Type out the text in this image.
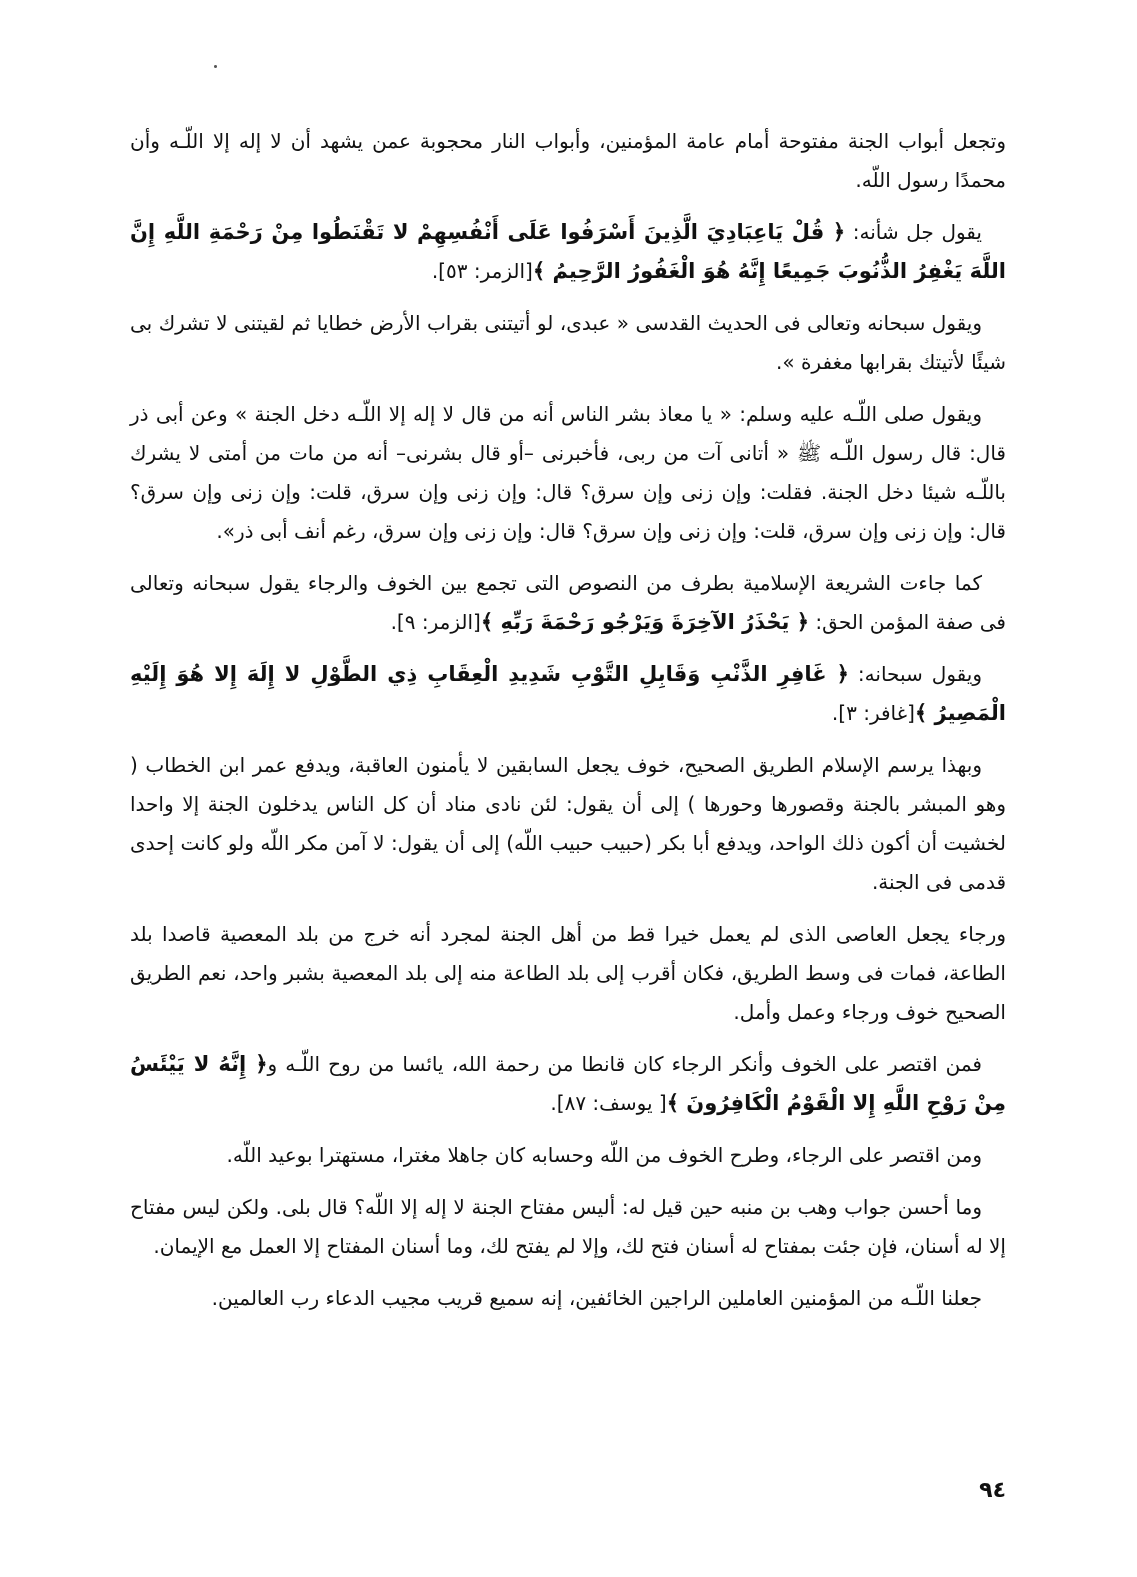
وتجعل أبواب الجنة مفتوحة أمام عامة المؤمنين، وأبواب النار محجوبة عمن يشهد أن لا إله إلا اللّـه وأن محمدًا رسول اللّه.

يقول جل شأنه: ﴿ قُلْ يَاعِبَادِيَ الَّذِينَ أَسْرَفُوا عَلَى أَنْفُسِهِمْ لا تَقْنَطُوا مِنْ رَحْمَةِ اللَّهِ إِنَّ اللَّهَ يَغْفِرُ الذُّنُوبَ جَمِيعًا إِنَّهُ هُوَ الْغَفُورُ الرَّحِيمُ ﴾[الزمر: ٥٣].

ويقول سبحانه وتعالى فى الحديث القدسى « عبدى، لو أتيتنى بقراب الأرض خطايا ثم لقيتنى لا تشرك بى شيئًا لأتيتك بقرابها مغفرة ».

ويقول صلى اللّـه عليه وسلم: « يا معاذ بشر الناس أنه من قال لا إله إلا اللّـه دخل الجنة » وعن أبى ذر قال: قال رسول اللّـه ﷺ « أتانى آت من ربى، فأخبرنى –أو قال بشرنى– أنه من مات من أمتى لا يشرك باللّـه شيئا دخل الجنة. فقلت: وإن زنى وإن سرق؟ قال: وإن زنى وإن سرق، قلت: وإن زنى وإن سرق؟ قال: وإن زنى وإن سرق، قلت: وإن زنى وإن سرق؟ قال: وإن زنى وإن سرق، رغم أنف أبى ذر».

كما جاءت الشريعة الإسلامية بطرف من النصوص التى تجمع بين الخوف والرجاء يقول سبحانه وتعالى فى صفة المؤمن الحق: ﴿ يَحْذَرُ الآخِرَةَ وَيَرْجُو رَحْمَةَ رَبِّهِ ﴾[الزمر: ٩].

ويقول سبحانه: ﴿ غَافِرِ الذَّنْبِ وَقَابِلِ التَّوْبِ شَدِيدِ الْعِقَابِ ذِي الطَّوْلِ لا إِلَهَ إِلا هُوَ إِلَيْهِ الْمَصِيرُ ﴾[غافر: ٣].

وبهذا يرسم الإسلام الطريق الصحيح، خوف يجعل السابقين لا يأمنون العاقبة، ويدفع عمر ابن الخطاب ( وهو المبشر بالجنة وقصورها وحورها ) إلى أن يقول: لئن نادى مناد أن كل الناس يدخلون الجنة إلا واحدا لخشيت أن أكون ذلك الواحد، ويدفع أبا بكر (حبيب حبيب اللّه) إلى أن يقول: لا آمن مكر اللّه ولو كانت إحدى قدمى فى الجنة.

ورجاء يجعل العاصى الذى لم يعمل خيرا قط من أهل الجنة لمجرد أنه خرج من بلد المعصية قاصدا بلد الطاعة، فمات فى وسط الطريق، فكان أقرب إلى بلد الطاعة منه إلى بلد المعصية بشبر واحد، نعم الطريق الصحيح خوف ورجاء وعمل وأمل.

فمن اقتصر على الخوف وأنكر الرجاء كان قانطا من رحمة الله، يائسا من روح اللّـه و﴿ إِنَّهُ لا يَيْئَسُ مِنْ رَوْحِ اللَّهِ إِلا الْقَوْمُ الْكَافِرُونَ ﴾[ يوسف: ٨٧].

ومن اقتصر على الرجاء، وطرح الخوف من اللّه وحسابه كان جاهلا مغترا، مستهترا بوعيد اللّه.

وما أحسن جواب وهب بن منبه حين قيل له: أليس مفتاح الجنة لا إله إلا اللّه؟ قال بلى. ولكن ليس مفتاح إلا له أسنان، فإن جئت بمفتاح له أسنان فتح لك، وإلا لم يفتح لك، وما أسنان المفتاح إلا العمل مع الإيمان.

جعلنا اللّـه من المؤمنين العاملين الراجين الخائفين، إنه سميع قريب مجيب الدعاء رب العالمين.

٩٤
